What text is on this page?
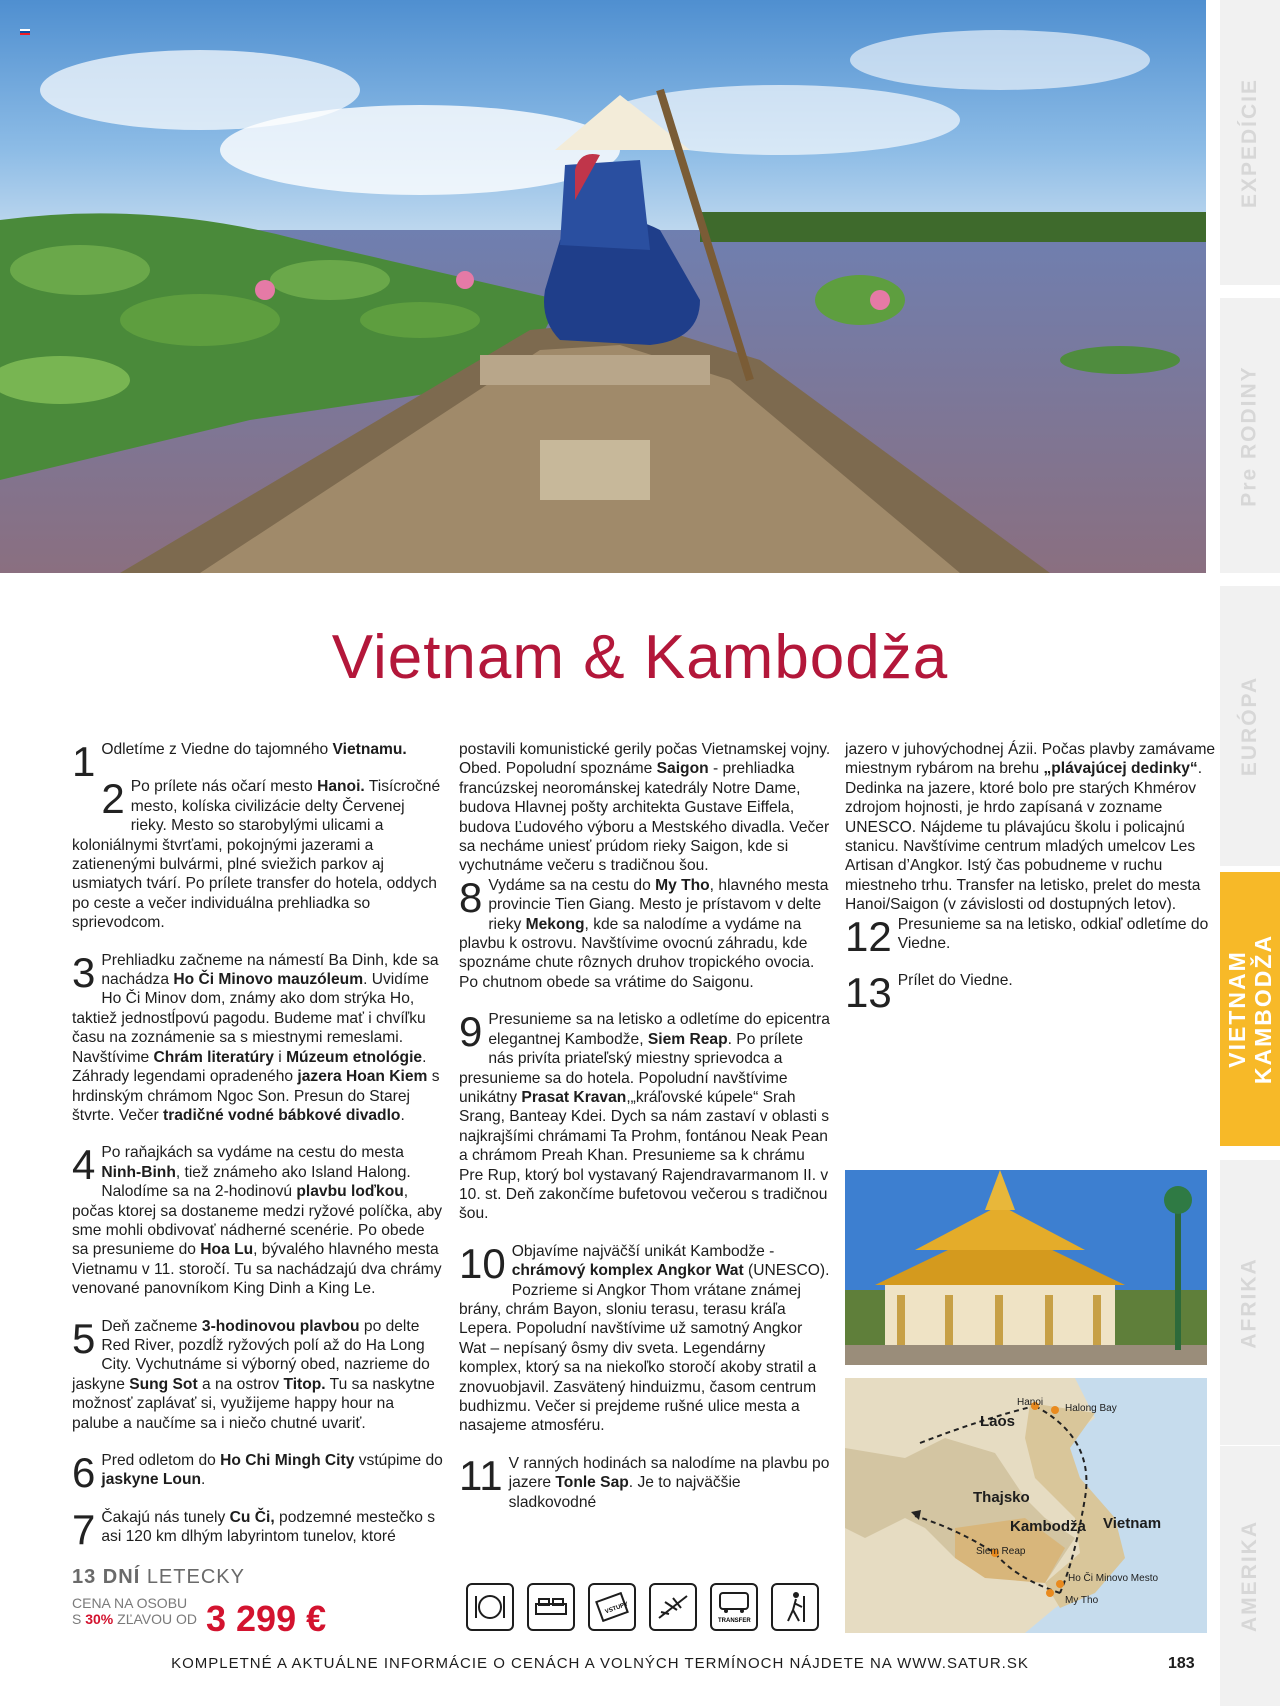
EXPEDÍCIE
Pre RODINY
EURÓPA
VIETNAM KAMBODŽA
AFRIKA
AMERIKA
Vietnam & Kambodža
1 Odletíme z Viedne do tajomného Vietnamu.
2 Po prílete nás očarí mesto Hanoi. Tisícročné mesto, kolíska civilizácie delty Červenej rieky. Mesto so starobylými ulicami a koloniálnymi štvrťami, pokojnými jazerami a zatienenými bulvármi, plné sviežich parkov aj usmiatych tvárí. Po prílete transfer do hotela, oddych po ceste a večer individuálna prehliadka so sprievodcom.
3 Prehliadku začneme na námestí Ba Dinh, kde sa nachádza Ho Či Minovo mauzóleum. Uvidíme Ho Či Minov dom, známy ako dom strýka Ho, taktiež jednostĺpovú pagodu. Budeme mať i chvíľku času na zoznámenie sa s miestnymi remeslami. Navštívime Chrám literatúry i Múzeum etnológie. Záhrady legendami opradeného jazera Hoan Kiem s hrdinským chrámom Ngoc Son. Presun do Starej štvrte. Večer tradičné vodné bábkové divadlo.
4 Po raňajkách sa vydáme na cestu do mesta Ninh-Binh, tiež známeho ako Island Halong. Nalodíme sa na 2-hodinovú plavbu loďkou, počas ktorej sa dostaneme medzi ryžové políčka, aby sme mohli obdivovať nádherné scenérie. Po obede sa presunieme do Hoa Lu, bývalého hlavného mesta Vietnamu v 11. storočí. Tu sa nachádzajú dva chrámy venované panovníkom King Dinh a King Le.
5 Deň začneme 3-hodinovou plavbou po delte Red River, pozdĺž ryžových polí až do Ha Long City. Vychutnáme si výborný obed, nazrieme do jaskyne Sung Sot a na ostrov Titop. Tu sa naskytne možnosť zaplávať si, využijeme happy hour na palube a naučíme sa i niečo chutné uvariť.
6 Pred odletom do Ho Chi Mingh City vstúpime do jaskyne Loun.
7 Čakajú nás tunely Cu Či, podzemné mestečko s asi 120 km dlhým labyrintom tunelov, ktoré
postavili komunistické gerily počas Vietnamskej vojny. Obed. Popoludní spoznáme Saigon - prehliadka francúzskej neorománskej katedrály Notre Dame, budova Hlavnej pošty architekta Gustave Eiffela, budova Ľudového výboru a Mestského divadla. Večer sa necháme uniesť prúdom rieky Saigon, kde si vychutnáme večeru s tradičnou šou.
8 Vydáme sa na cestu do My Tho, hlavného mesta provincie Tien Giang. Mesto je prístavom v delte rieky Mekong, kde sa nalodíme a vydáme na plavbu k ostrovu. Navštívime ovocnú záhradu, kde spoznáme chute rôznych druhov tropického ovocia. Po chutnom obede sa vrátime do Saigonu.
9 Presunieme sa na letisko a odletíme do epicentra elegantnej Kambodže, Siem Reap. Po prílete nás privíta priateľský miestny sprievodca a presunieme sa do hotela. Popoludní navštívime unikátny Prasat Kravan,„kráľovské kúpele“ Srah Srang, Banteay Kdei. Dych sa nám zastaví v oblasti s najkrajšími chrámami Ta Prohm, fontánou Neak Pean a chrámom Preah Khan. Presunieme sa k chrámu Pre Rup, ktorý bol vystavaný Rajendravarmanom II. v 10. st. Deň zakončíme bufetovou večerou s tradičnou šou.
10 Objavíme najväčší unikát Kambodže - chrámový komplex Angkor Wat (UNESCO). Pozrieme si Angkor Thom vrátane známej brány, chrám Bayon, sloniu terasu, terasu kráľa Lepera. Popoludní navštívime už samotný Angkor Wat – nepísaný ôsmy div sveta. Legendárny komplex, ktorý sa na niekoľko storočí akoby stratil a znovuobjavil. Zasvätený hinduizmu, časom centrum budhizmu. Večer si prejdeme rušné ulice mesta a nasajeme atmosféru.
11 V ranných hodinách sa nalodíme na plavbu po jazere Tonle Sap. Je to najväčšie sladkovodné
jazero v juhovýchodnej Ázii. Počas plavby zamávame miestnym rybárom na brehu „plávajúcej dedinky“. Dedinka na jazere, ktoré bolo pre starých Khmérov zdrojom hojnosti, je hrdo zapísaná v zozname UNESCO. Nájdeme tu plávajúcu školu i policajnú stanicu. Navštívime centrum mladých umelcov Les Artisan d’Angkor. Istý čas pobudneme v ruchu miestneho trhu. Transfer na letisko, prelet do mesta Hanoi/Saigon (v závislosti od dostupných letov).
12 Presunieme sa na letisko, odkiaľ odletíme do Viedne.
13 Prílet do Viedne.
Laos
Thajsko
Kambodža Vietnam
Hanoi
Halong Bay
Siem Reap
Ho Či Minovo Mesto
My Tho
13 DNÍ LETECKY
CENA NA OSOBU
S 30% ZĽAVOU OD 3 299 €	VSTUPY
TRANSFER
KOMPLETNÉ A AKTUÁLNE INFORMÁCIE O CENÁCH A VOLNÝCH TERMÍNOCH NÁJDETE NA WWW.SATUR.SK	183
